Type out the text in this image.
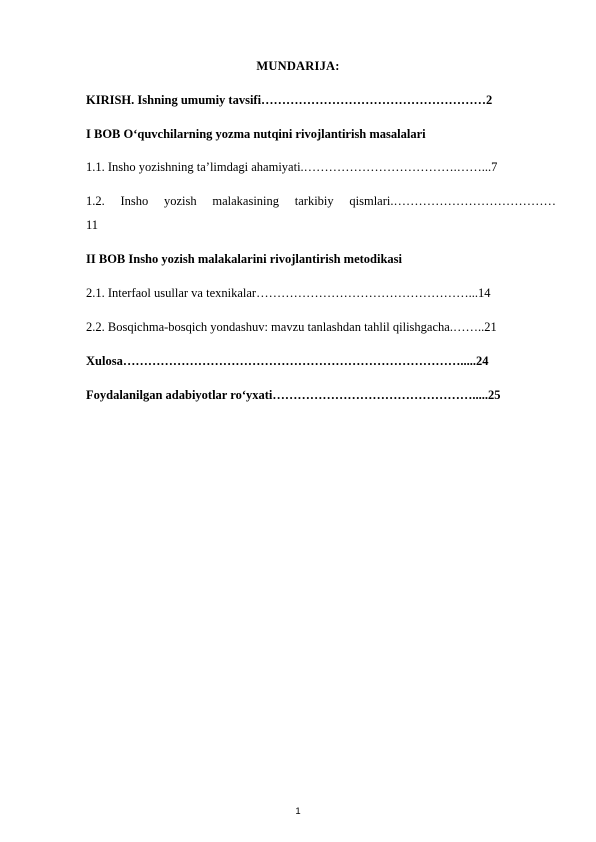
MUNDARIJA:
KIRISH. Ishning umumiy tavsifi………………………………………………2
I BOB O‘quvchilarning yozma nutqini rivojlantirish masalalari
1.1. Insho yozishning ta’limdagi ahamiyati.……………………………….……...7
1.2. Insho yozish malakasining tarkibiy qismlari.…………………………………
11
II BOB Insho yozish malakalarini rivojlantirish metodikasi
2.1. Interfaol usullar va texnikalar……………………………………………...14
2.2. Bosqichma-bosqich yondashuv: mavzu tanlashdan tahlil qilishgacha.……..21
Xulosa……………………………………………………………………….....24
Foydalanilgan adabiyotlar ro‘yxati………………………………………….....25
1
